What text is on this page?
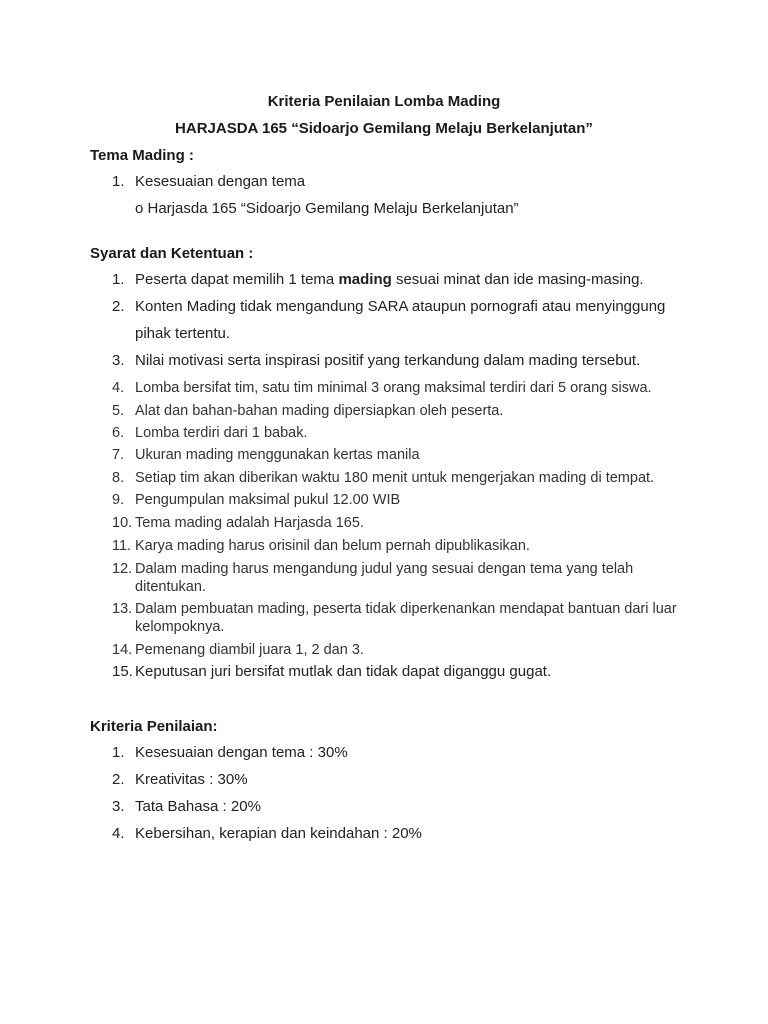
Kriteria Penilaian Lomba Mading
HARJASDA 165 “Sidoarjo Gemilang Melaju Berkelanjutan”
Tema Mading :
1. Kesesuaian dengan tema
o Harjasda 165 “Sidoarjo Gemilang Melaju Berkelanjutan”
Syarat dan Ketentuan :
1. Peserta dapat memilih 1 tema mading sesuai minat dan ide masing-masing.
2. Konten Mading tidak mengandung SARA ataupun pornografi atau menyinggung pihak tertentu.
3. Nilai motivasi serta inspirasi positif yang terkandung dalam mading tersebut.
4. Lomba bersifat tim, satu tim minimal 3 orang maksimal terdiri dari 5 orang siswa.
5. Alat dan bahan-bahan mading dipersiapkan oleh peserta.
6. Lomba terdiri dari 1 babak.
7. Ukuran mading menggunakan kertas manila
8. Setiap tim akan diberikan waktu 180 menit untuk mengerjakan mading di tempat.
9. Pengumpulan maksimal pukul 12.00 WIB
10. Tema mading adalah Harjasda 165.
11. Karya mading harus orisinil dan belum pernah dipublikasikan.
12. Dalam mading harus mengandung judul yang sesuai dengan tema yang telah ditentukan.
13. Dalam pembuatan mading, peserta tidak diperkenankan mendapat bantuan dari luar kelompoknya.
14. Pemenang diambil juara 1, 2 dan 3.
15. Keputusan juri bersifat mutlak dan tidak dapat diganggu gugat.
Kriteria Penilaian:
1. Kesesuaian dengan tema : 30%
2. Kreativitas : 30%
3. Tata Bahasa : 20%
4. Kebersihan, kerapian dan keindahan : 20%
